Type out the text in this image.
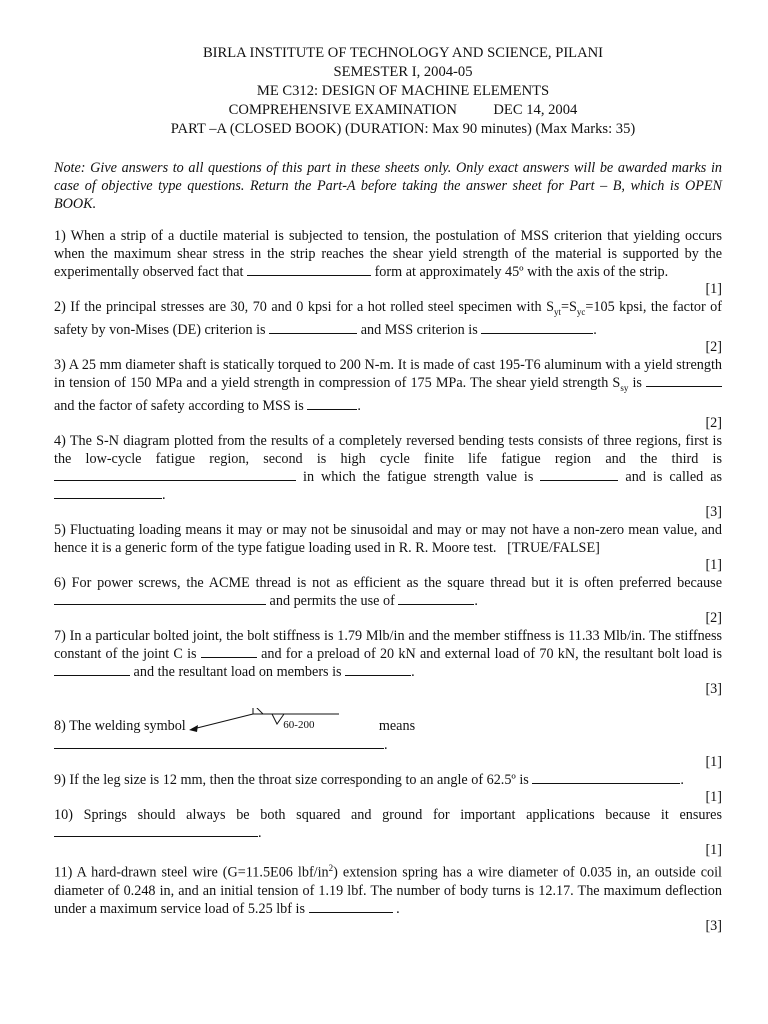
BIRLA INSTITUTE OF TECHNOLOGY AND SCIENCE, PILANI
SEMESTER I, 2004-05
ME C312: DESIGN OF MACHINE ELEMENTS
COMPREHENSIVE EXAMINATION DEC 14, 2004
PART –A (CLOSED BOOK) (DURATION: Max 90 minutes) (Max Marks: 35)

Note: Give answers to all questions of this part in these sheets only. Only exact answers will be awarded marks in case of objective type questions. Return the Part-A before taking the answer sheet for Part – B, which is OPEN BOOK.

1) When a strip of a ductile material is subjected to tension, the postulation of MSS criterion that yielding occurs when the maximum shear stress in the strip reaches the shear yield strength of the material is supported by the experimentally observed fact that	form at approximately 45º with the axis of the strip.

[1]

2) If the principal stresses are 30, 70 and 0 kpsi for a hot rolled steel specimen with $S_{yt}=S_{yc}=105$ kpsi, the factor of safety by von-Mises (DE) criterion is	and MSS criterion is	.

[2]

3) A 25 mm diameter shaft is statically torqued to 200 N-m. It is made of cast 195-T6 aluminum with a yield strength in tension of 150 MPa and a yield strength in compression of 175 MPa. The shear yield strength $S_{sy}$ is  and the factor of safety according to MSS is	.

[2]

4) The S-N diagram plotted from the results of a completely reversed bending tests consists of three regions, first is the low-cycle fatigue region, second is high cycle finite life fatigue region and the third is  in which the fatigue strength value is	and is called as .

[3]

5) Fluctuating loading means it may or may not be sinusoidal and may or may not have a non-zero mean value, and hence it is a generic form of the type fatigue loading used in R. R. Moore test. [TRUE/FALSE]

[1]

6) For power screws, the ACME thread is not as efficient as the square thread but it is often preferred because  and permits the use of	.

[2]

7) In a particular bolted joint, the bolt stiffness is 1.79 Mlb/in and the member stiffness is 11.33 Mlb/in. The stiffness constant of the joint C is	and for a preload of 20 kN and external load of 70 kN, the resultant bolt load is  and the resultant load on members is	.

[3]

8) The welding symbol	60-200	means .

[1]

9) If the leg size is 12 mm, then the throat size corresponding to an angle of 62.5º is	.

[1]

10) Springs should always be both squared and ground for important applications because it ensures .

[1]

11) A hard-drawn steel wire (G=11.5E06 lbf/$in^2$) extension spring has a wire diameter of 0.035 in, an outside coil diameter of 0.248 in, and an initial tension of 1.19 lbf. The number of body turns is 12.17. The maximum deflection under a maximum service load of 5.25 lbf is	.

[3]
